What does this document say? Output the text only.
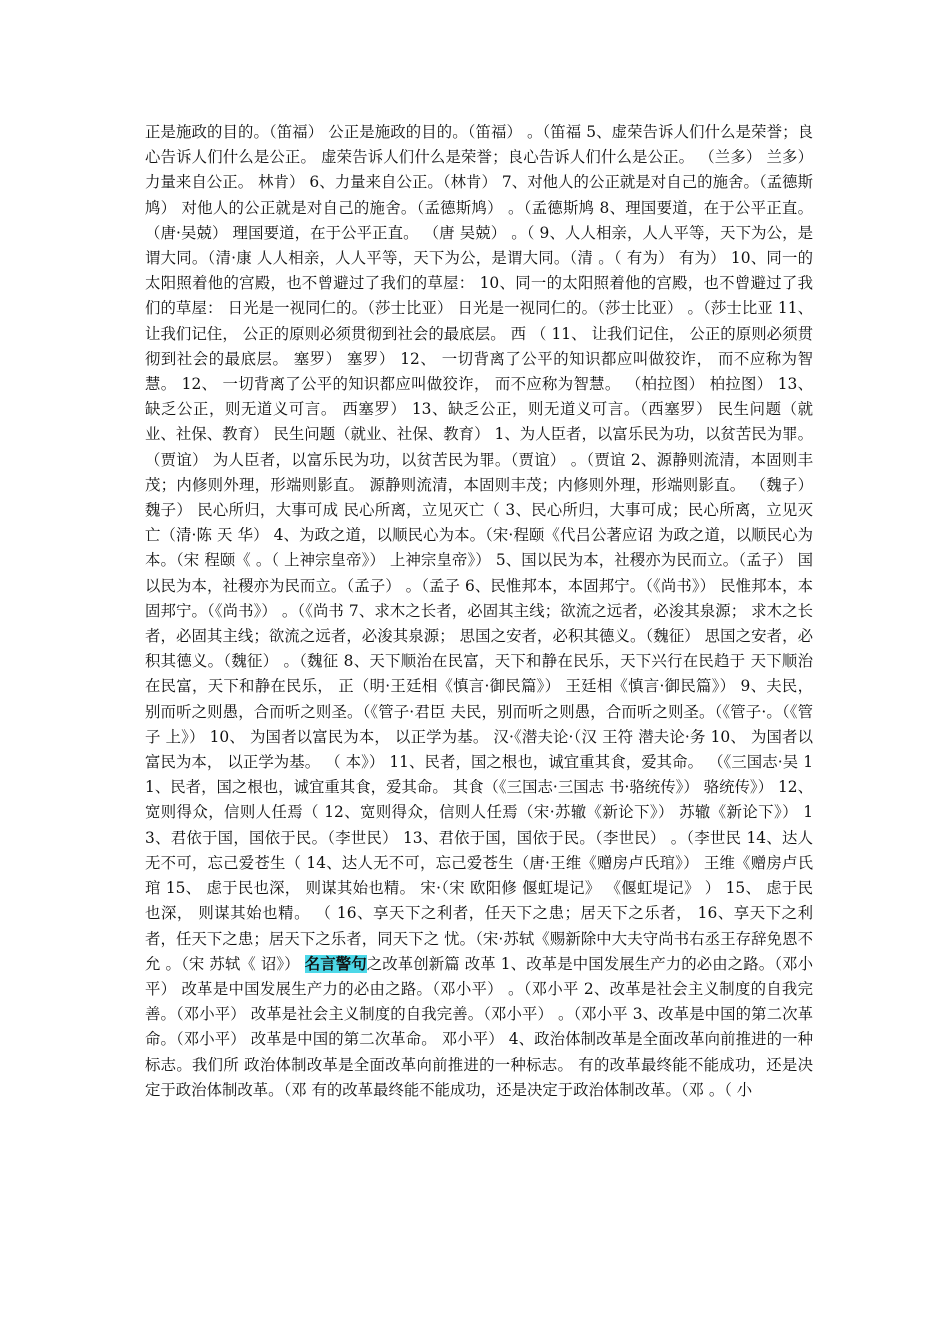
正是施政的目的。（笛福） 公正是施政的目的。（笛福） 。（笛福 5、虚荣告诉人们什么是荣誉；良心告诉人们什么是公正。 虚荣告诉人们什么是荣誉；良心告诉人们什么是公正。 （兰多） 兰多） 力量来自公正。 林肯） 6、力量来自公正。（林肯） 7、对他人的公正就是对自己的施舍。（孟德斯鸠） 对他人的公正就是对自己的施舍。（孟德斯鸠） 。（孟德斯鸠 8、理国要道，在于公平正直。（唐·吴兢） 理国要道，在于公平正直。 （唐 吴兢） 。（ 9、人人相亲，人人平等，天下为公，是谓大同。（清·康 人人相亲，人人平等，天下为公，是谓大同。（清 。（ 有为） 有为） 10、同一的太阳照着他的宫殿，也不曾避过了我们的草屋： 10、同一的太阳照着他的宫殿，也不曾避过了我们的草屋： 日光是一视同仁的。（莎士比亚） 日光是一视同仁的。（莎士比亚） 。（莎士比亚 11、 让我们记住， 公正的原则必须贯彻到社会的最底层。 西 （ 11、 让我们记住， 公正的原则必须贯彻到社会的最底层。 塞罗） 塞罗） 12、 一切背离了公平的知识都应叫做狡诈， 而不应称为智慧。 12、 一切背离了公平的知识都应叫做狡诈， 而不应称为智慧。 （柏拉图） 柏拉图） 13、缺乏公正，则无道义可言。 西塞罗） 13、缺乏公正，则无道义可言。（西塞罗） 民生问题（就业、社保、教育） 民生问题（就业、社保、教育） 1、为人臣者，以富乐民为功，以贫苦民为罪。（贾谊） 为人臣者，以富乐民为功，以贫苦民为罪。（贾谊） 。（贾谊 2、源静则流清，本固则丰茂；内修则外理，形端则影直。 源静则流清，本固则丰茂；内修则外理，形端则影直。 （魏子） 魏子） 民心所归，大事可成 民心所离，立见灭亡（ 3、民心所归，大事可成；民心所离，立见灭亡（清·陈 天 华） 4、为政之道，以顺民心为本。（宋·程颐《代吕公著应诏 为政之道，以顺民心为本。（宋 程颐《 。（ 上神宗皇帝》） 上神宗皇帝》） 5、国以民为本，社稷亦为民而立。（孟子） 国以民为本，社稷亦为民而立。（孟子） 。（孟子 6、民惟邦本，本固邦宁。（《尚书》） 民惟邦本，本固邦宁。（《尚书》） 。（《尚书 7、求木之长者，必固其主线；欲流之远者，必浚其泉源； 求木之长者，必固其主线；欲流之远者，必浚其泉源； 思国之安者，必积其德义。（魏征） 思国之安者，必积其德义。（魏征） 。（魏征 8、天下顺治在民富，天下和静在民乐，天下兴行在民趋于 天下顺治在民富，天下和静在民乐， 正（明·王廷相《慎言·御民篇》） 王廷相《慎言·御民篇》） 9、夫民，别而听之则愚，合而听之则圣。（《管子·君臣 夫民，别而听之则愚，合而听之则圣。（《管子·。（《管子 上》） 10、 为国者以富民为本， 以正学为基。 汉·《潜夫论·（汉 王符 潜夫论·务 10、 为国者以富民为本， 以正学为基。 （ 本》） 11、民者，国之根也，诚宜重其食，爱其命。 （《三国志·吴 11、民者，国之根也，诚宜重其食，爱其命。 其食（《三国志·三国志 书·骆统传》） 骆统传》） 12、宽则得众，信则人任焉（ 12、宽则得众，信则人任焉（宋·苏辙《新论下》） 苏辙《新论下》） 13、君依于国，国依于民。（李世民） 13、君依于国，国依于民。（李世民） 。（李世民 14、达人无不可，忘己爱苍生（ 14、达人无不可，忘己爱苍生（唐·王维《赠房卢氏琯》） 王维《赠房卢氏琯 15、 虑于民也深， 则谋其始也精。 宋·（宋 欧阳修 偃虹堤记》 《偃虹堤记》 ） 15、 虑于民也深， 则谋其始也精。 （ 16、享天下之利者，任天下之患；居天下之乐者， 16、享天下之利者，任天下之患；居天下之乐者，同天下之 忧。（宋·苏轼《赐新除中大夫守尚书右丞王存辞免恩不允 。（宋 苏轼《 诏》） 名言警句之改革创新篇 改革 1、改革是中国发展生产力的必由之路。（邓小平） 改革是中国发展生产力的必由之路。（邓小平） 。（邓小平 2、改革是社会主义制度的自我完善。（邓小平） 改革是社会主义制度的自我完善。（邓小平） 。（邓小平 3、改革是中国的第二次革命。（邓小平） 改革是中国的第二次革命。 邓小平） 4、政治体制改革是全面改革向前推进的一种标志。我们所 政治体制改革是全面改革向前推进的一种标志。 有的改革最终能不能成功，还是决定于政治体制改革。（邓 有的改革最终能不能成功，还是决定于政治体制改革。（邓 。（ 小
